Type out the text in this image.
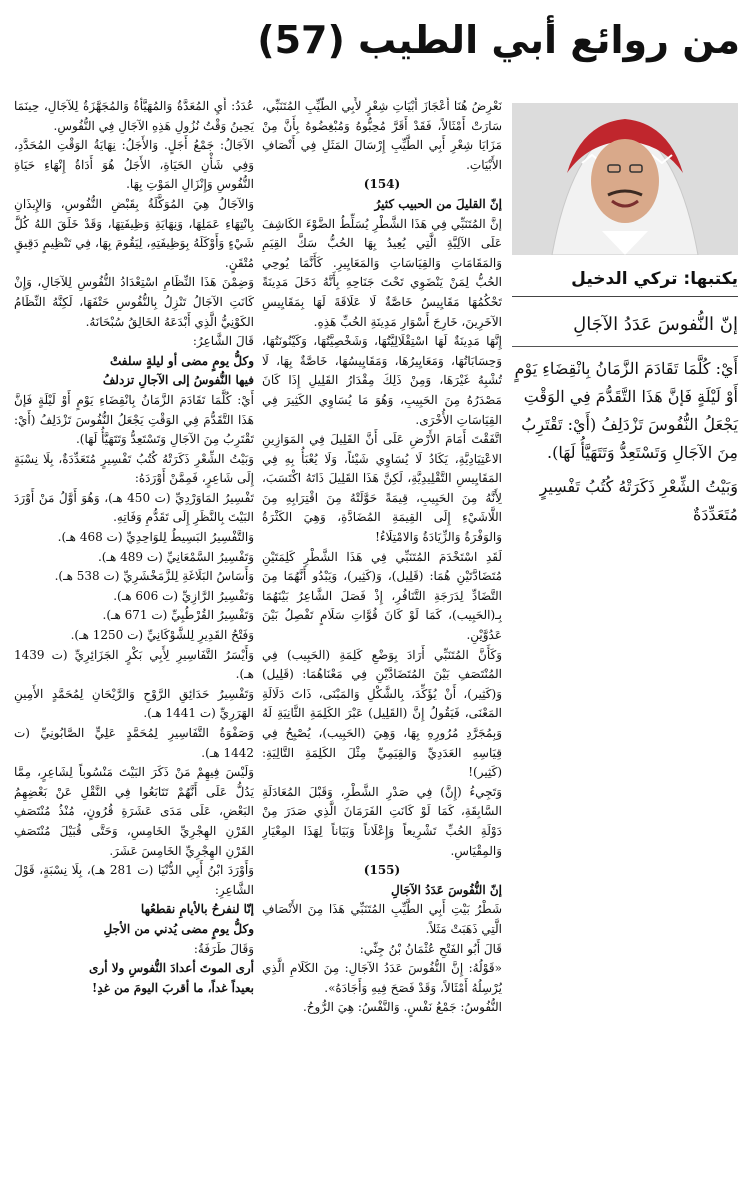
من روائع أبي الطيب (57)
يكتبها: تركي الدخيل

إنّ النُّفوسَ عَدَدُ الآجَالِ

أَيْ: كُلَّمَا تَقَادَمَ الزَّمَانُ بِانْقِضَاءِ يَوْمٍ أَوْ لَيْلَةٍ فَإنَّ هَذَا التَّقَدُّمَ فِي الوَقْتِ يَجْعَلُ النُّفُوسَ تَزْدَلِفُ (أَيْ: تَقْتَرِبُ مِنَ الآجَالِ وَتَسْتَعِدُّ وَتَتَهَيَّأُ لَهَا).

وَبَيْتُ الشِّعْرِ ذَكَرَتْهُ كُتُبُ تَفْسِيرٍ مُتَعَدِّدَةٌ

نَعْرِضُ هُنَا أَعْجَازَ أَبْيَاتِ شِعْرٍ لأَبِي الطَّيِّبِ المُتَنَبِّي، سَارَتْ أَمْثَالاً، فَقَدْ أَقَرَّ مُحِبُّوهُ وَمُبْغِضُوهُ بِأَنَّ مِنْ مَزَايَا شِعْرِ أَبِي الطَّيِّبِ إِرْسَالَ المَثَلِ فِي أَنْصَافِ الأَبْيَاتِ.

(154)

إنّ القليلَ من الحبيب كثيرُ

إنَّ المُتَنَبِّي فِي هَذَا الشَّطْرِ يُسَلِّطُ الضَّوْءَ الكَاشِفَ عَلَى الآلِيَّةِ الَّتِي يُعِيدُ بِهَا الحُبُّ سَكَّ القِيَمِ وَالمَقَامَاتِ وَالقِيَاسَاتِ وَالمَعَايِيرِ. كَأَنَّمَا يُوحِي الحُبُّ لِمَنْ يَنْضَوِي تَحْتَ جَنَاحِهِ بِأَنَّهُ دَخَلَ مَدِينَةً تَحْكُمُهَا مَقَايِيسُ خَاصَّةٌ لَا عَلَاقَةَ لَهَا بِمَقَايِيسِ الآخَرِينَ، خَارِجَ أَسْوَارِ مَدِينَةِ الحُبِّ هَذِهِ.

إِنَّهَا مَدِينَةٌ لَهَا اسْتِقْلَالِيَّتُهَا، وَشَخْصِيَّتُهَا، وَكَيْنُونَتُهَا، وَحِسَابَاتُهَا، وَمَعَايِيرُهَا، وَمَقَايِيسُهَا، خَاصَّةٌ بِهَا، لَا تُشْبِهُ غَيْرَهَا، وَمِنْ ذَلِكَ مِقْدَارُ القَلِيلِ إِذَا كَانَ مَصْدَرُهُ مِنَ الحَبِيبِ، وَهُوَ مَا يُسَاوِي الكَثِيرَ فِي القِيَاسَاتِ الأُخْرَى.

اتَّفَقْتَ أَمَامَ الأَرْضِ عَلَى أَنَّ القَلِيلَ فِي المَوَازِينِ الاعْتِيَادِيَّةِ، يَكَادُ لَا يُسَاوِي شَيْئاً، وَلَا يُعْبَأُ بِهِ فِي المَقَايِيسِ التَّقْلِيدِيَّةِ، لَكِنَّ هَذَا القَلِيلَ ذَاتَهُ اكْتَسَبَ، لِأَنَّهُ مِنَ الحَبِيبِ، قِيمَةً حَوَّلَتْهُ مِنَ اقْتِرَابِهِ مِنَ اللَّاشَيْءِ إِلَى القِيمَةِ المُضَادَّةِ، وَهِيَ الكَثْرَةُ وَالوَفْرَةُ وَالزِّيَادَةُ وَالامْتِلَاءُ!

لَقَدِ اسْتَخْدَمَ المُتَنَبِّي فِي هَذَا الشَّطْرِ كَلِمَتَيْنِ مُتَضَادَّتَيْنِ هُمَا: (قَلِيل)، وَ(كَثِير)، وَيَبْدُو أَنَّهُمَا مِنَ التَّضَادِّ لِدَرَجَةِ التَّنَافُرِ، إِذْ فَصَلَ الشَّاعِرُ بَيْنَهُمَا بِـ(الحَبِيب)، كَمَا لَوْ كَانَ قُوَّاتِ سَلَامٍ تَفْصِلُ بَيْنَ عَدُوَّيْنِ.

وَكَأَنَّ المُتَنَبِّي أَرَادَ بِوَضْعِ كَلِمَةِ (الحَبِيب) فِي المُنْتَصَفِ بَيْنَ المُتَضَادَّيْنِ فِي مَعْنَاهُمَا: (قَلِيل) وَ(كَثِير)، أَنْ يُؤَكِّدَ، بِالشَّكْلِ وَالمَبْنَى، ذَاتَ دَلَالَةِ المَعْنَى، فَيَقُولُ إِنَّ (القَلِيل) عَبْرَ الكَلِمَةِ الثَّانِيَةِ لَهُ وَبِمُجَرَّدِ مُرُورِهِ بِهَا، وَهِيَ (الحَبِيب)، يُصْبِحُ فِي قِيَاسِهِ العَدَدِيِّ وَالقِيَمِيِّ مِثْلَ الكَلِمَةِ التَّالِيَةِ: (كَثِير)!

وَتَجِيءُ (إِنَّ) فِي صَدْرِ الشَّطْرِ، وَقَبْلَ المُعَادَلَةِ السَّابِقَةِ، كَمَا لَوْ كَانَتِ الفَرَمَانَ الَّذِي صَدَرَ مِنْ دَوْلَةِ الحُبِّ تَشْرِيعاً وَإِعْلَاناً وَبَيَاناً لِهَذَا المِعْيَارِ وَالمِقْيَاسِ.

(155)

إنّ النُّفُوسَ عَدَدُ الآجَالِ

شَطْرُ بَيْتِ أَبِي الطَّيِّبِ المُتَنَبِّي هَذَا مِنَ الأَنْصَافِ الَّتِي ذَهَبَتْ مَثَلاً.

قَالَ أَبُو الفَتْحِ عُثْمَانُ بْنُ جِنِّي:

«قَوْلُهُ: إِنَّ النُّفُوسَ عَدَدُ الآجَالِ: مِنَ الكَلَامِ الَّذِي يُرْسِلُهُ أَمْثَالاً، وَقَدْ فَصَحَ فِيهِ وَأَجَادَهُ».

النُّفُوسُ: جَمْعُ نَفْسٍ. وَالنَّفْسُ: هِيَ الرُّوحُ.

عُدَدُ: أَيِ المُعَدَّةُ وَالمُهَيَّأَةُ وَالمُجَهَّزَةُ لِلآجَالِ، حِينَمَا يَحِينُ وَقْتُ نُزُولِ هَذِهِ الآجَالِ فِي النُّفُوسِ.

الآجَالُ: جَمْعُ أَجَلٍ. وَالأَجَلُ: نِهَايَةُ الوَقْتِ المُحَدَّدِ، وَفِي شَأْنِ الحَيَاةِ، الأَجَلُ هُوَ أَدَاةُ إِنْهَاءِ حَيَاةِ النُّفُوسِ وَإِنْزَالِ المَوْتِ بِهَا.

وَالآجَالُ هِيَ المُوَكَّلَةُ بِقَبْضِ النُّفُوسِ، وَالإِيذَانِ بِانْتِهَاءِ عَمَلِهَا، وَنِهَايَةِ وَظِيفَتِهَا، وَقَدْ خَلَقَ اللهُ كُلَّ شَيْءٍ وَأَوْكَلَهُ بِوَظِيفَتِهِ، لِيَقُومَ بِهَا، فِي تَنْظِيمٍ دَقِيقٍ مُتْقَنٍ.

وَضِمْنَ هَذَا النِّظَامِ اسْتِعْدَادُ النُّفُوسِ لِلآجَالِ، وَإِنْ كَانَتِ الآجَالُ تَنْزِلُ بِالنُّفُوسِ حَتْفَهَا، لَكِنَّهُ النِّظَامُ الكَوْنِيُّ الَّذِي أَبْدَعَهُ الخَالِقُ سُبْحَانَهُ.

قَالَ الشَّاعِرُ:

وكلُّ يومٍ مضى أو ليلةٍ سلفتْ

فيها النُّفوسُ إلى الآجالِ تزدلفُ

أَيْ: كُلَّمَا تَقَادَمَ الزَّمَانُ بِانْقِضَاءِ يَوْمٍ أَوْ لَيْلَةٍ فَإنَّ هَذَا التَّقَدُّمَ فِي الوَقْتِ يَجْعَلُ النُّفُوسَ تَزْدَلِفُ (أَيْ: تَقْتَرِبُ مِنَ الآجَالِ وَتَسْتَعِدُّ وَتَتَهَيَّأُ لَهَا).

وَبَيْتُ الشِّعْرِ ذَكَرَتْهُ كُتُبُ تَفْسِيرٍ مُتَعَدِّدَةٌ، بِلَا نِسْبَةٍ إِلَى شَاعِرٍ، فَمِمَّنْ أَوْرَدَهُ:

تَفْسِيرُ المَاوَرْدِيِّ (ت 450 هـ)، وَهُوَ أَوَّلُ مَنْ أَوْرَدَ البَيْتَ بِالنَّظَرِ إِلَى تَقَدُّمِ وَفَاتِهِ.

وَالتَّفْسِيرُ البَسِيطُ لِلوَاحِدِيِّ (ت 468 هـ).

وَتَفْسِيرُ السَّمْعَانِيِّ (ت 489 هـ).

وَأَسَاسُ البَلَاغَةِ لِلزَّمَخْشَرِيِّ (ت 538 هـ).

وَتَفْسِيرُ الرَّازِيِّ (ت 606 هـ).

وَتَفْسِيرُ القُرْطُبِيِّ (ت 671 هـ).

وَفَتْحُ القَدِيرِ لِلشَّوْكَانِيِّ (ت 1250 هـ).

وَأَيْسَرُ التَّفَاسِيرِ لِأَبِي بَكْرٍ الجَزَائِرِيِّ (ت 1439 هـ).

وَتَفْسِيرُ حَدَائِقِ الرَّوْحِ وَالرَّيْحَانِ لِمُحَمَّدٍ الأَمِينِ الهَرَرِيِّ (ت 1441 هـ).

وَصَفْوَةُ التَّفَاسِيرِ لِمُحَمَّدٍ عَلِيٍّ الصَّابُونِيِّ (ت 1442 هـ).

وَلَيْسَ فِيهِمْ مَنْ ذَكَرَ البَيْتَ مَنْسُوباً لِشَاعِرٍ، مِمَّا يَدُلُّ عَلَى أَنَّهُمْ تَتَابَعُوا فِي النَّقْلِ عَنْ بَعْضِهِمُ البَعْضِ، عَلَى مَدَى عَشَرَةِ قُرُونٍ، مُنْذُ مُنْتَصَفِ القَرْنِ الهِجْرِيِّ الخَامِسِ، وَحَتَّى قُبَيْلَ مُنْتَصَفِ القَرْنِ الهِجْرِيِّ الخَامِسَ عَشَرَ.

وَأَوْرَدَ ابْنُ أَبِي الدُّنْيَا (ت 281 هـ)، بِلَا نِسْبَةٍ، قَوْلَ الشَّاعِرِ:

إنّا لنفرحُ بالأيامِ نقطعُها

وكلُّ يومٍ مضى يُدني من الأجلِ

وَقَالَ طَرَفَةُ:

أرى الموتَ أعدادَ النُّفوسِ ولا أرى

بعيداً غداً، ما أقربَ اليومَ من غدِ!
